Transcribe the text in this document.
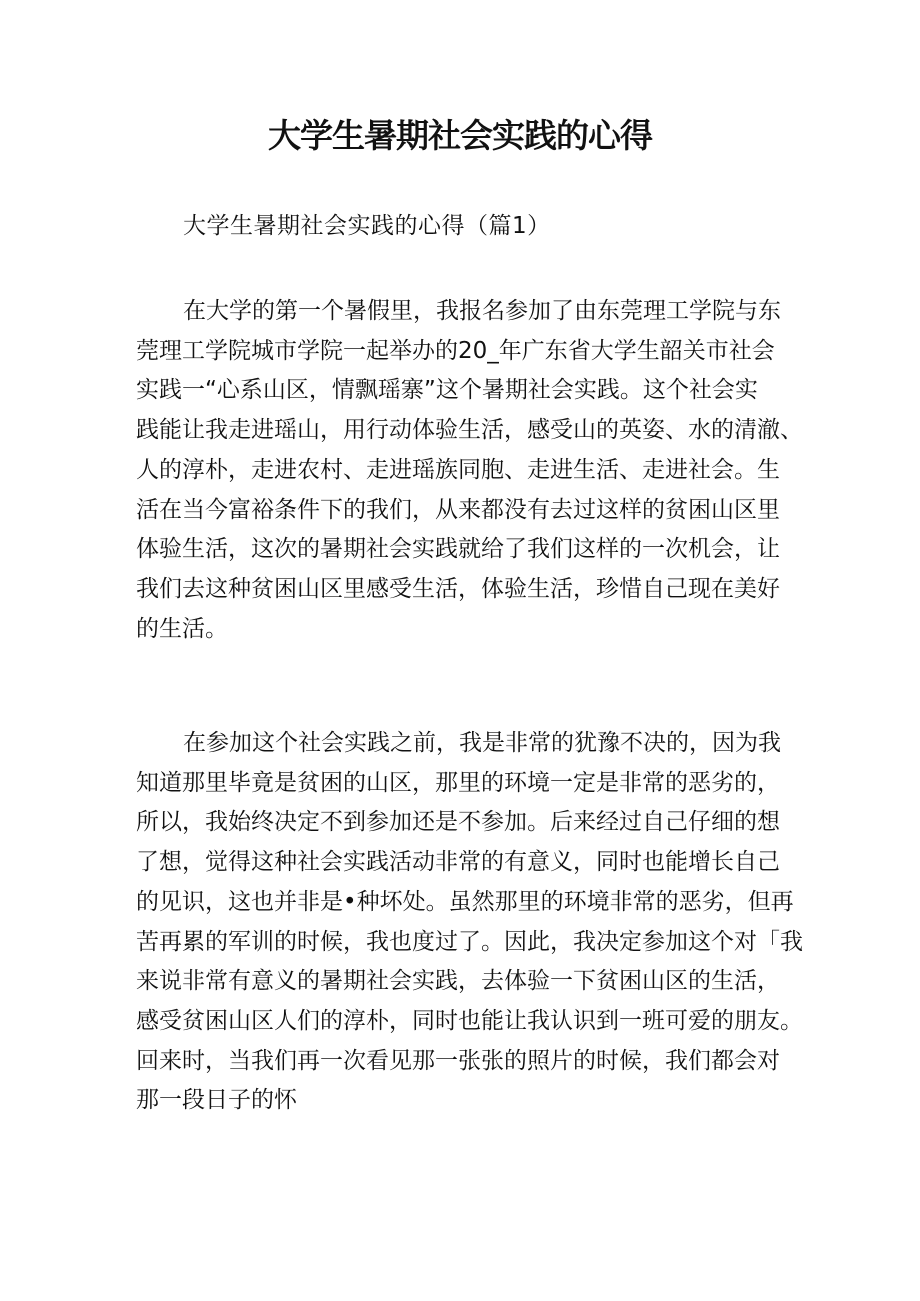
大学生暑期社会实践的心得

大学生暑期社会实践的心得（篇1）

在大学的第一个暑假里，我报名参加了由东莞理工学院与东
莞理工学院城市学院一起举办的20_年广东省大学生韶关市社会
实践一“心系山区，情飘瑶寨”这个暑期社会实践。这个社会实
践能让我走进瑶山，用行动体验生活，感受山的英姿、水的清澈、
人的淳朴，走进农村、走进瑶族同胞、走进生活、走进社会。生
活在当今富裕条件下的我们，从来都没有去过这样的贫困山区里
体验生活，这次的暑期社会实践就给了我们这样的一次机会，让
我们去这种贫困山区里感受生活，体验生活，珍惜自己现在美好
的生活。
在参加这个社会实践之前，我是非常的犹豫不决的，因为我
知道那里毕竟是贫困的山区，那里的环境一定是非常的恶劣的，
所以，我始终决定不到参加还是不参加。后来经过自己仔细的想
了想，觉得这种社会实践活动非常的有意义，同时也能增长自己
的见识，这也并非是•种坏处。虽然那里的环境非常的恶劣，但再
苦再累的军训的时候，我也度过了。因此，我决定参加这个对「我
来说非常有意义的暑期社会实践，去体验一下贫困山区的生活，
感受贫困山区人们的淳朴，同时也能让我认识到一班可爱的朋友。
回来时，当我们再一次看见那一张张的照片的时候，我们都会对
那一段日子的怀
